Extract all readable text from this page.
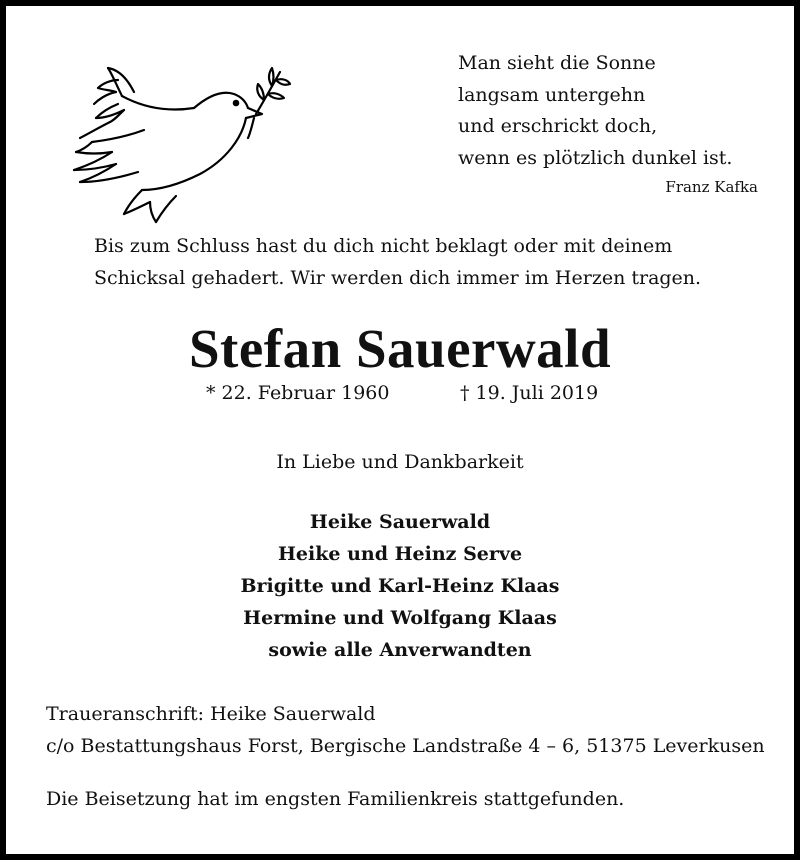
Man sieht die Sonne
langsam untergehn
und erschrickt doch,
wenn es plötzlich dunkel ist.
Franz Kafka
Bis zum Schluss hast du dich nicht beklagt oder mit deinem
Schicksal gehadert. Wir werden dich immer im Herzen tragen.
Stefan Sauerwald
* 22. Februar 1960	† 19. Juli 2019
In Liebe und Dankbarkeit
Heike Sauerwald
Heike und Heinz Serve
Brigitte und Karl-Heinz Klaas
Hermine und Wolfgang Klaas
sowie alle Anverwandten
Traueranschrift: Heike Sauerwald
c/o Bestattungshaus Forst, Bergische Landstraße 4 – 6, 51375 Leverkusen
Die Beisetzung hat im engsten Familienkreis stattgefunden.
